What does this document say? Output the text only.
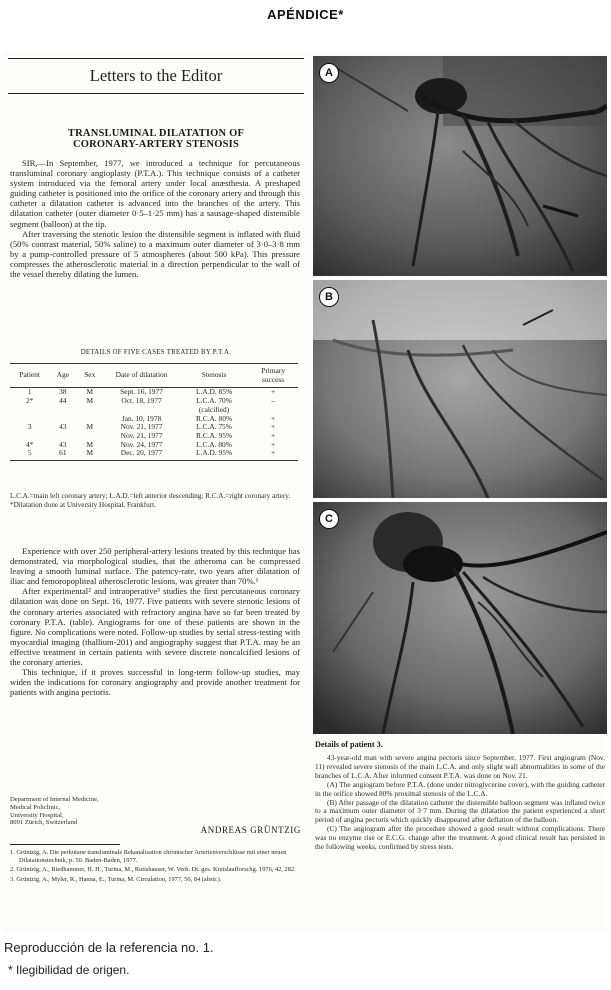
APÉNDICE*
Letters to the Editor
TRANSLUMINAL DILATATION OF CORONARY-ARTERY STENOSIS

SIR,—In September, 1977, we introduced a technique for percutaneous transluminal coronary angioplasty (P.T.A.). This technique consists of a catheter system introduced via the femoral artery under local anæsthesia. A preshaped guiding catheter is positioned into the orifice of the coronary artery and through this catheter a dilatation catheter is advanced into the branches of the artery. This dilatation catheter (outer diameter 0·5–1·25 mm) has a sausage-shaped distensible segment (balloon) at the tip.

After traversing the stenotic lesion the distensible segment is inflated with fluid (50% contrast material, 50% saline) to a maximum outer diameter of 3·0–3·8 mm by a pump-controlled pressure of 5 atmospheres (about 500 kPa). This pressure compresses the atherosclerotic material in a direction perpendicular to the wall of the vessel thereby dilating the lumen.

DETAILS OF FIVE CASES TREATED BY P.T.A.
Patient	Age	Sex	Date of dilatation	Stenosis	Primary success
1	38	M	Sept. 16, 1977	L.A.D. 85%	+
2*	44	M	Oct. 18, 1977	L.C.A. 70% (calcified)	–
			Jan. 10, 1978	R.C.A. 80%	+
3	43	M	Nov. 21, 1977	L.C.A. 75%	+
			Nov. 21, 1977	R.C.A. 95%	+
4*	43	M	Nov. 24, 1977	L.C.A. 80%	+
5	61	M	Dec. 20, 1977	L.A.D. 95%	+
L.C.A.=main left coronary artery; L.A.D.=left anterior descending; R.C.A.=right coronary artery.
*Dilatation done at University Hospital, Frankfurt.

Experience with over 250 peripheral-artery lesions treated by this technique has demonstrated, via morphological studies, that the atheroma can be compressed leaving a smooth luminal surface. The patency-rate, two years after dilatation of iliac and femoropopliteal atherosclerotic lesions, was greater than 70%.¹

After experimental² and intraoperative³ studies the first percutaneous coronary dilatation was done on Sept. 16, 1977. Five patients with severe stenotic lesions of the coronary arteries associated with refractory angina have so far been treated by coronary P.T.A. (table). Angiograms for one of these patients are shown in the figure. No complications were noted. Follow-up studies by serial stress-testing with myocardial imaging (thallium-201) and angiography suggest that P.T.A. may be an effective treatment in certain patients with severe discrete noncalcified lesions of the coronary arteries.

This technique, if it proves successful in long-term follow-up studies, may widen the indications for coronary angiography and provide another treatment for patients with angina pectoris.

Department of Internal Medicine,
Medical Policlinic,
University Hospital,
8091 Zürich, Switzerland
ANDREAS GRÜNTZIG
1. Grüntzig, A. Die perkutane transluminale Rekanalisation chronischer Arterienverschlüsse mit einer neuen Dilatationstechnik, p. 50. Baden-Baden, 1977.
2. Grüntzig, A., Riedhammer, H. H., Turina, M., Rutishauser, W. Verh. Dt. ges. Kreislaufforschg. 1976, 42, 282.
3. Grüntzig, A., Myler, R., Hanna, E., Turina, M. Circulation, 1977, 56, 84 (abstr.).
A
B
C
Details of patient 3.

43-year-old man with severe angina pectoris since September, 1977. First angiogram (Nov. 11) revealed severe stenosis of the main L.C.A. and only slight wall abnormalities in some of the branches of L.C.A. After informed consent P.T.A. was done on Nov. 21.

(A) The angiogram before P.T.A. (done under nitroglycerine cover), with the guiding catheter in the orifice showed 80% proximal stenosis of the L.C.A.

(B) After passage of the dilatation catheter the distensible balloon segment was inflated twice to a maximum outer diameter of 3·7 mm. During the dilatation the patient experienced a short period of angina pectoris which quickly disappeared after deflation of the balloon.

(C) The angiogram after the procedure showed a good result without complications. There was no enzyme rise or E.C.G. change after the treatment. A good clinical result has persisted in the following weeks, confirmed by stress tests.

Reproducción de la referencia no. 1.
* Ilegibilidad de origen.
